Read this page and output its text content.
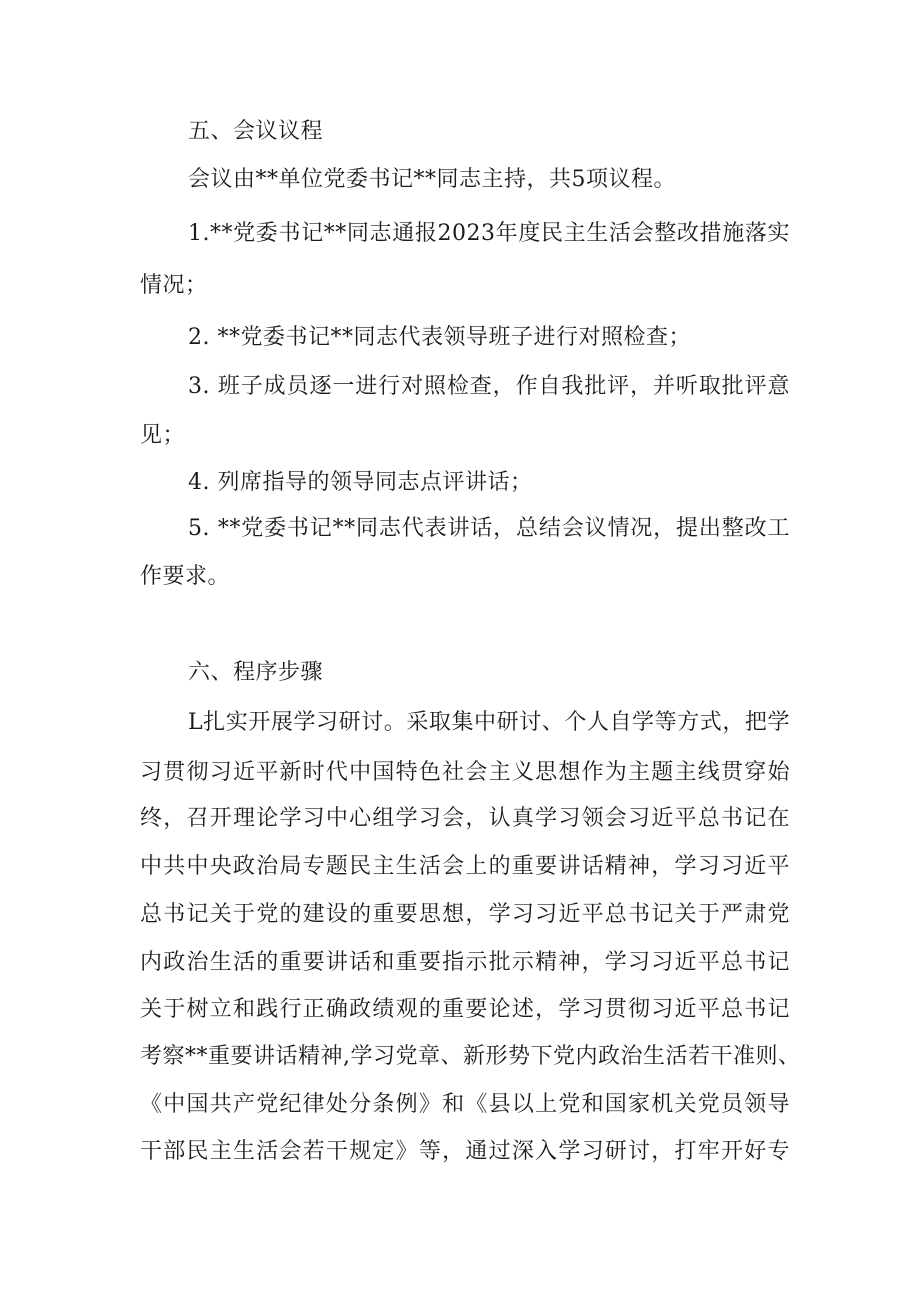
五、会议议程
会议由**单位党委书记**同志主持，共5项议程。
1.**党委书记**同志通报2023年度民主生活会整改措施落实
情况；
2. **党委书记**同志代表领导班子进行对照检查；
3. 班子成员逐一进行对照检查，作自我批评，并听取批评意
见；
4. 列席指导的领导同志点评讲话；
5. **党委书记**同志代表讲话，总结会议情况，提出整改工
作要求。
六、程序步骤
L扎实开展学习研讨。采取集中研讨、个人自学等方式，把学
习贯彻习近平新时代中国特色社会主义思想作为主题主线贯穿始
终，召开理论学习中心组学习会，认真学习领会习近平总书记在
中共中央政治局专题民主生活会上的重要讲话精神，学习习近平
总书记关于党的建设的重要思想，学习习近平总书记关于严肃党
内政治生活的重要讲话和重要指示批示精神，学习习近平总书记
关于树立和践行正确政绩观的重要论述，学习贯彻习近平总书记
考察**重要讲话精神,学习党章、新形势下党内政治生活若干准则、
《中国共产党纪律处分条例》和《县以上党和国家机关党员领导
干部民主生活会若干规定》等，通过深入学习研讨，打牢开好专
